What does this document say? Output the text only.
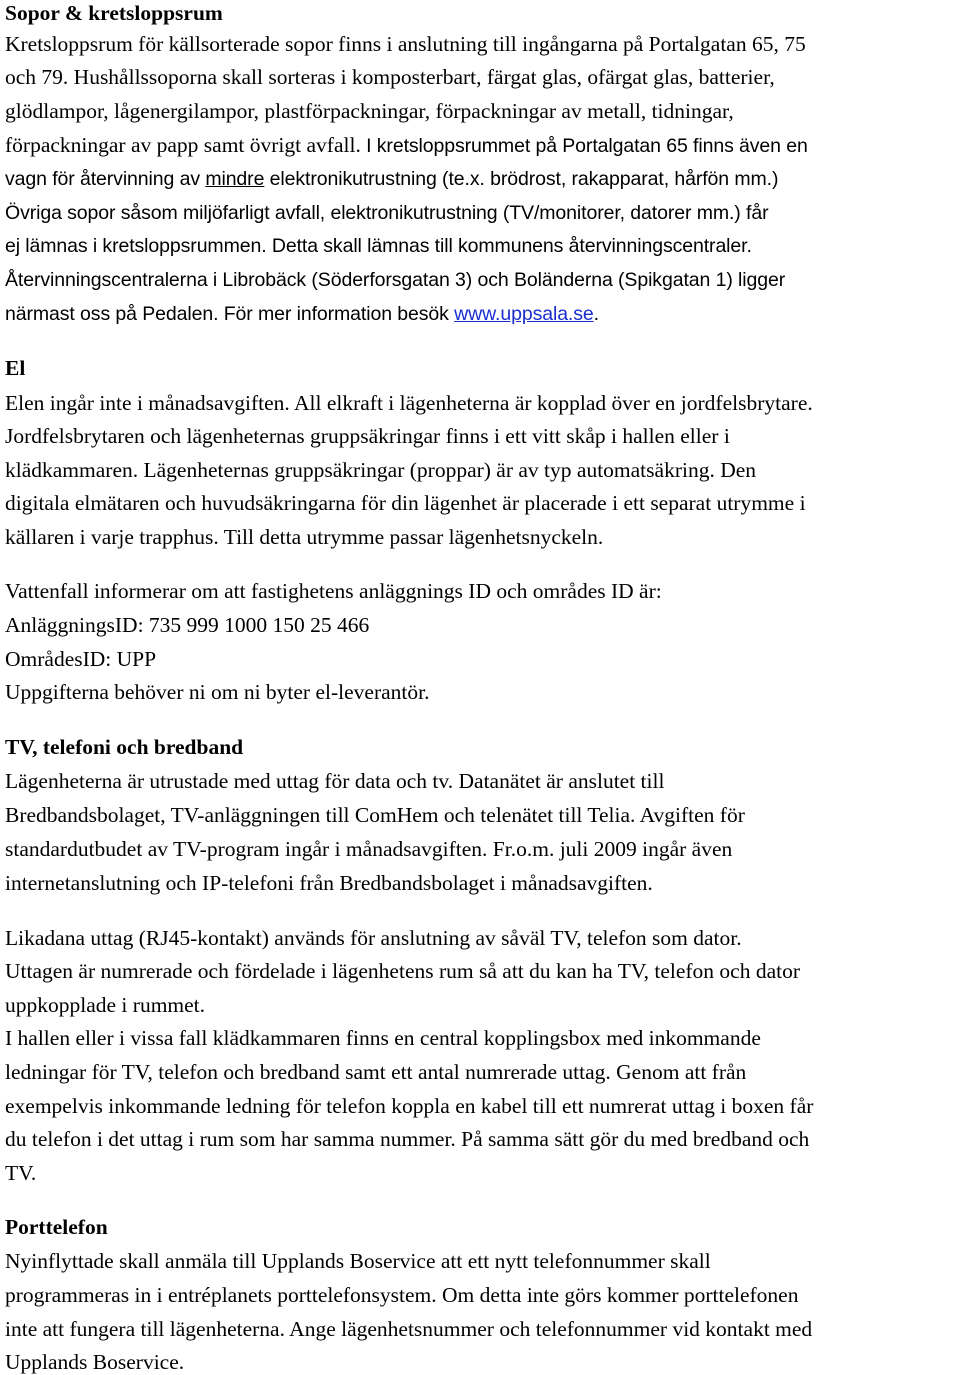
Sopor & kretsloppsrum
Kretsloppsrum för källsorterade sopor finns i anslutning till ingångarna på Portalgatan 65, 75
och 79. Hushållssoporna skall sorteras i komposterbart, färgat glas, ofärgat glas, batterier,
glödlampor, lågenergilampor, plastförpackningar, förpackningar av metall, tidningar,
förpackningar av papp samt övrigt avfall. I kretsloppsrummet på Portalgatan 65 finns även en
vagn för återvinning av mindre elektronikutrustning (te.x. brödrost, rakapparat, hårfön mm.)
Övriga sopor såsom miljöfarligt avfall, elektronikutrustning (TV/monitorer, datorer mm.) får
ej lämnas i kretsloppsrummen. Detta skall lämnas till kommunens återvinningscentraler.
Återvinningscentralerna i Librobäck (Söderforsgatan 3) och Boländerna (Spikgatan 1) ligger
närmast oss på Pedalen. För mer information besök www.uppsala.se.
El
Elen ingår inte i månadsavgiften. All elkraft i lägenheterna är kopplad över en jordfelsbrytare.
Jordfelsbrytaren och lägenheternas gruppsäkringar finns i ett vitt skåp i hallen eller i
klädkammaren. Lägenheternas gruppsäkringar (proppar) är av typ automatsäkring. Den
digitala elmätaren och huvudsäkringarna för din lägenhet är placerade i ett separat utrymme i
källaren i varje trapphus. Till detta utrymme passar lägenhetsnyckeln.
Vattenfall informerar om att fastighetens anläggnings ID och områdes ID är:
AnläggningsID: 735 999 1000 150 25 466
OmrådesID: UPP
Uppgifterna behöver ni om ni byter el-leverantör.
TV, telefoni och bredband
Lägenheterna är utrustade med uttag för data och tv. Datanätet är anslutet till
Bredbandsbolaget, TV-anläggningen till ComHem och telenätet till Telia. Avgiften för
standardutbudet av TV-program ingår i månadsavgiften. Fr.o.m. juli 2009 ingår även
internetanslutning och IP-telefoni från Bredbandsbolaget i månadsavgiften.
Likadana uttag (RJ45-kontakt) används för anslutning av såväl TV, telefon som dator.
Uttagen är numrerade och fördelade i lägenhetens rum så att du kan ha TV, telefon och dator
uppkopplade i rummet.
I hallen eller i vissa fall klädkammaren finns en central kopplingsbox med inkommande
ledningar för TV, telefon och bredband samt ett antal numrerade uttag. Genom att från
exempelvis inkommande ledning för telefon koppla en kabel till ett numrerat uttag i boxen får
du telefon i det uttag i rum som har samma nummer. På samma sätt gör du med bredband och
TV.
Porttelefon
Nyinflyttade skall anmäla till Upplands Boservice att ett nytt telefonnummer skall
programmeras in i entréplanets porttelefonsystem. Om detta inte görs kommer porttelefonen
inte att fungera till lägenheterna. Ange lägenhetsnummer och telefonnummer vid kontakt med
Upplands Boservice.
